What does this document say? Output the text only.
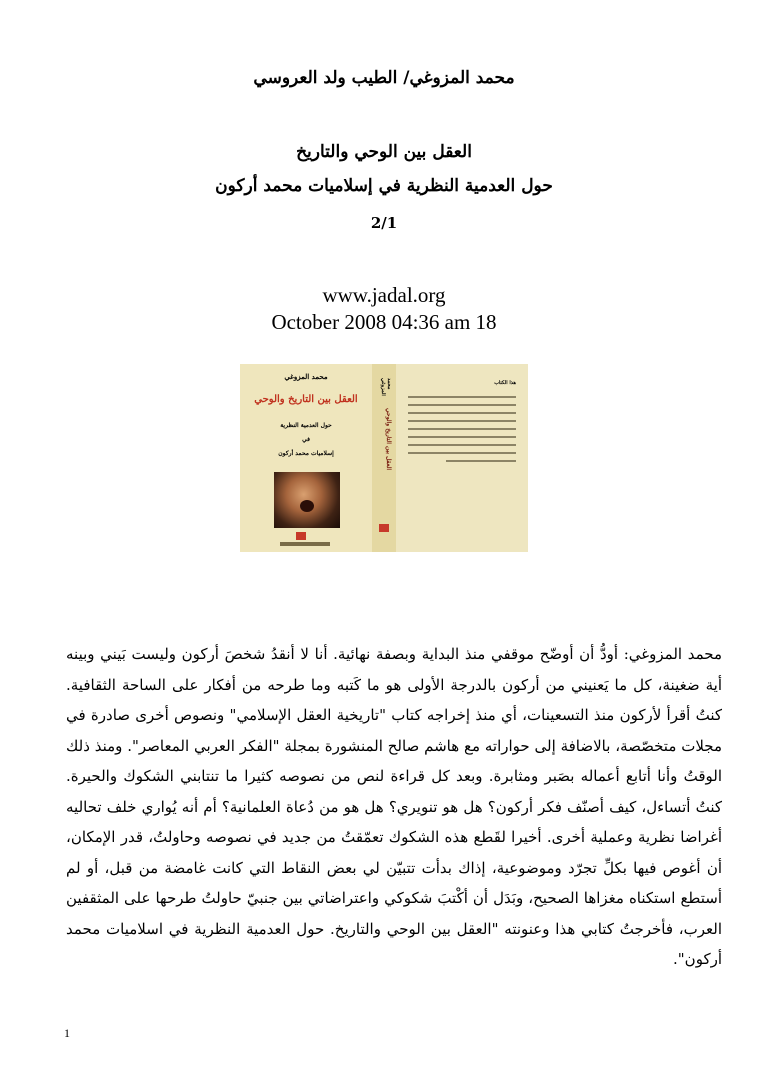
محمد المزوغي/ الطيب ولد العروسي
العقل بين الوحي والتاريخ
حول العدمية النظرية في إسلاميات محمد أركون
2/1
www.jadal.org
October 2008 04:36 am 18
محمد المزوغي
العقل بين التاريخ والوحي
حول العدمية النظرية
في
إسلاميات محمد أركون
محمد المزوغي
العقل بين التاريخ والوحي
هذا الكتاب

محمد المزوغي: أودُّ أن أوضّح موقفي منذ البداية وبصفة نهائية. أنا لا أنقدُ شخصَ أركون وليست بَيني وبينه أية ضغينة، كل ما يَعنيني من أركون بالدرجة الأولى هو ما كَتبه وما طرحه من أفكار على الساحة الثقافية. كنتُ أقرأ لأركون منذ التسعينات، أي منذ إخراجه كتاب "تاريخية العقل الإسلامي" ونصوص أخرى صادرة في مجلات متخصّصة، بالاضافة إلى حواراته مع هاشم صالح المنشورة بمجلة "الفكر العربي المعاصر". ومنذ ذلك الوقتُ وأنا أتابع أعماله بصَبر ومثابرة. وبعد كل قراءة لنص من نصوصه كثيرا ما تنتابني الشكوك والحيرة. كنتُ أتساءل، كيف أصنّف فكر أركون؟ هل هو تنويري؟ هل هو من دُعاة العلمانية؟ أم أنه يُواري خلف تحاليه أغراضا نظرية وعملية أخرى. أخيرا لقَطع هذه الشكوك تعمّقتُ من جديد في نصوصه وحاولتُ، قدر الإمكان، أن أغوص فيها بكلِّ تجرّد وموضوعية، إذاك بدأت تتبيّن لي بعض النقاط التي كانت غامضة من قبل، أو لم أستطع استكناه مغزاها الصحيح، وبَدَل أن أكْتبَ شكوكي واعتراضاتي بين جنبيّ حاولتُ طرحها على المثقفين العرب، فأخرجتُ كتابي هذا وعنونته "العقل بين الوحي والتاريخ. حول العدمية النظرية في اسلاميات محمد أركون".

1
